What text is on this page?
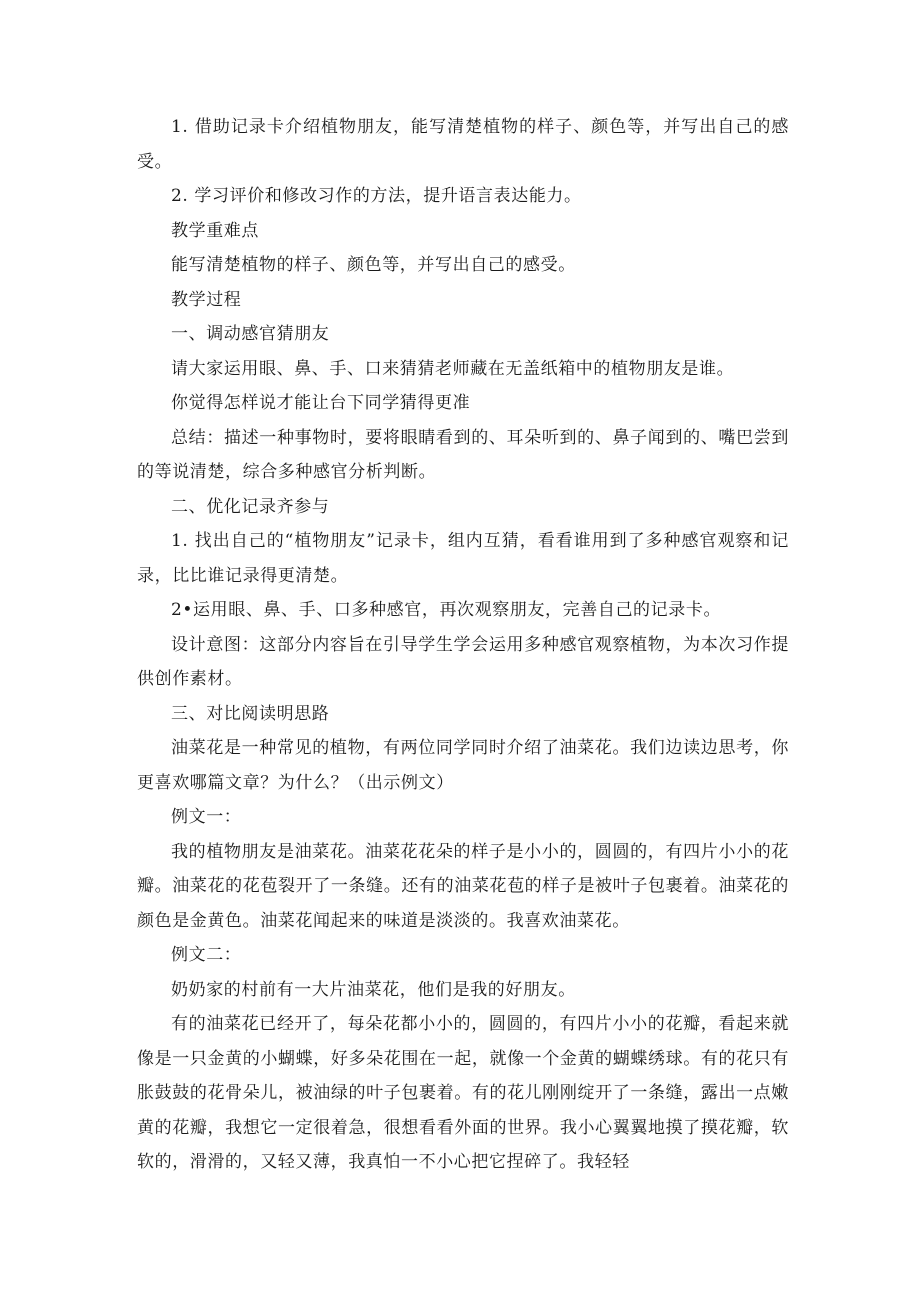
1. 借助记录卡介绍植物朋友，能写清楚植物的样子、颜色等，并写出自己的感受。

2. 学习评价和修改习作的方法，提升语言表达能力。

教学重难点

能写清楚植物的样子、颜色等，并写出自己的感受。

教学过程

一、调动感官猜朋友

请大家运用眼、鼻、手、口来猜猜老师藏在无盖纸箱中的植物朋友是谁。

你觉得怎样说才能让台下同学猜得更准

总结：描述一种事物时，要将眼睛看到的、耳朵听到的、鼻子闻到的、嘴巴尝到的等说清楚，综合多种感官分析判断。

二、优化记录齐参与

1. 找出自己的“植物朋友”记录卡，组内互猜，看看谁用到了多种感官观察和记录，比比谁记录得更清楚。

2•运用眼、鼻、手、口多种感官，再次观察朋友，完善自己的记录卡。

设计意图：这部分内容旨在引导学生学会运用多种感官观察植物，为本次习作提供创作素材。

三、对比阅读明思路

油菜花是一种常见的植物，有两位同学同时介绍了油菜花。我们边读边思考，你更喜欢哪篇文章？为什么？（出示例文）

例文一：

我的植物朋友是油菜花。油菜花花朵的样子是小小的，圆圆的，有四片小小的花瓣。油菜花的花苞裂开了一条缝。还有的油菜花苞的样子是被叶子包裹着。油菜花的颜色是金黄色。油菜花闻起来的味道是淡淡的。我喜欢油菜花。

例文二：

奶奶家的村前有一大片油菜花，他们是我的好朋友。

有的油菜花已经开了，每朵花都小小的，圆圆的，有四片小小的花瓣，看起来就像是一只金黄的小蝴蝶，好多朵花围在一起，就像一个金黄的蝴蝶绣球。有的花只有胀鼓鼓的花骨朵儿，被油绿的叶子包裹着。有的花儿刚刚绽开了一条缝，露出一点嫩黄的花瓣，我想它一定很着急，很想看看外面的世界。我小心翼翼地摸了摸花瓣，软软的，滑滑的，又轻又薄，我真怕一不小心把它捏碎了。我轻轻
